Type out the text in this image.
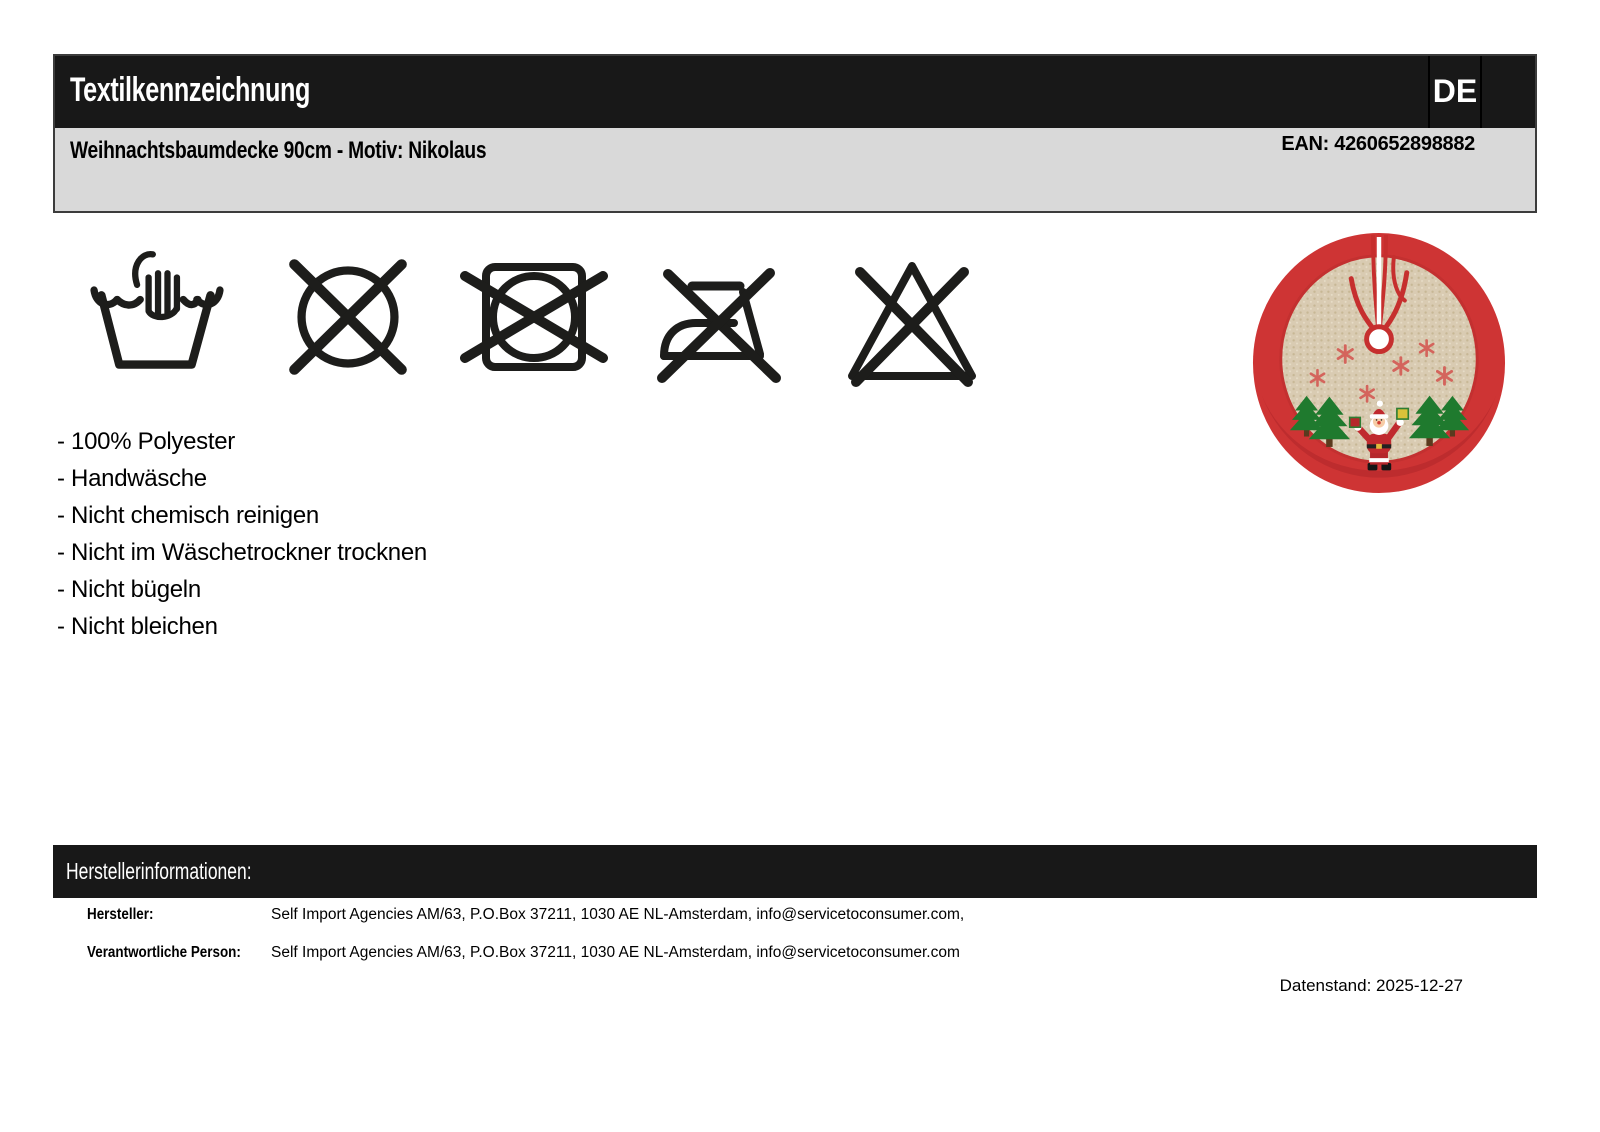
Textilkennzeichnung	DE
Weihnachtsbaumdecke 90cm - Motiv: Nikolaus	EAN: 4260652898882
- 100% Polyester
- Handwäsche
- Nicht chemisch reinigen
- Nicht im Wäschetrockner trocknen
- Nicht bügeln
- Nicht bleichen
Herstellerinformationen:
Hersteller:	Self Import Agencies AM/63, P.O.Box 37211, 1030 AE NL-Amsterdam, info@servicetoconsumer.com,
Verantwortliche Person: Self Import Agencies AM/63, P.O.Box 37211, 1030 AE NL-Amsterdam, info@servicetoconsumer.com
Datenstand: 2025-12-27
